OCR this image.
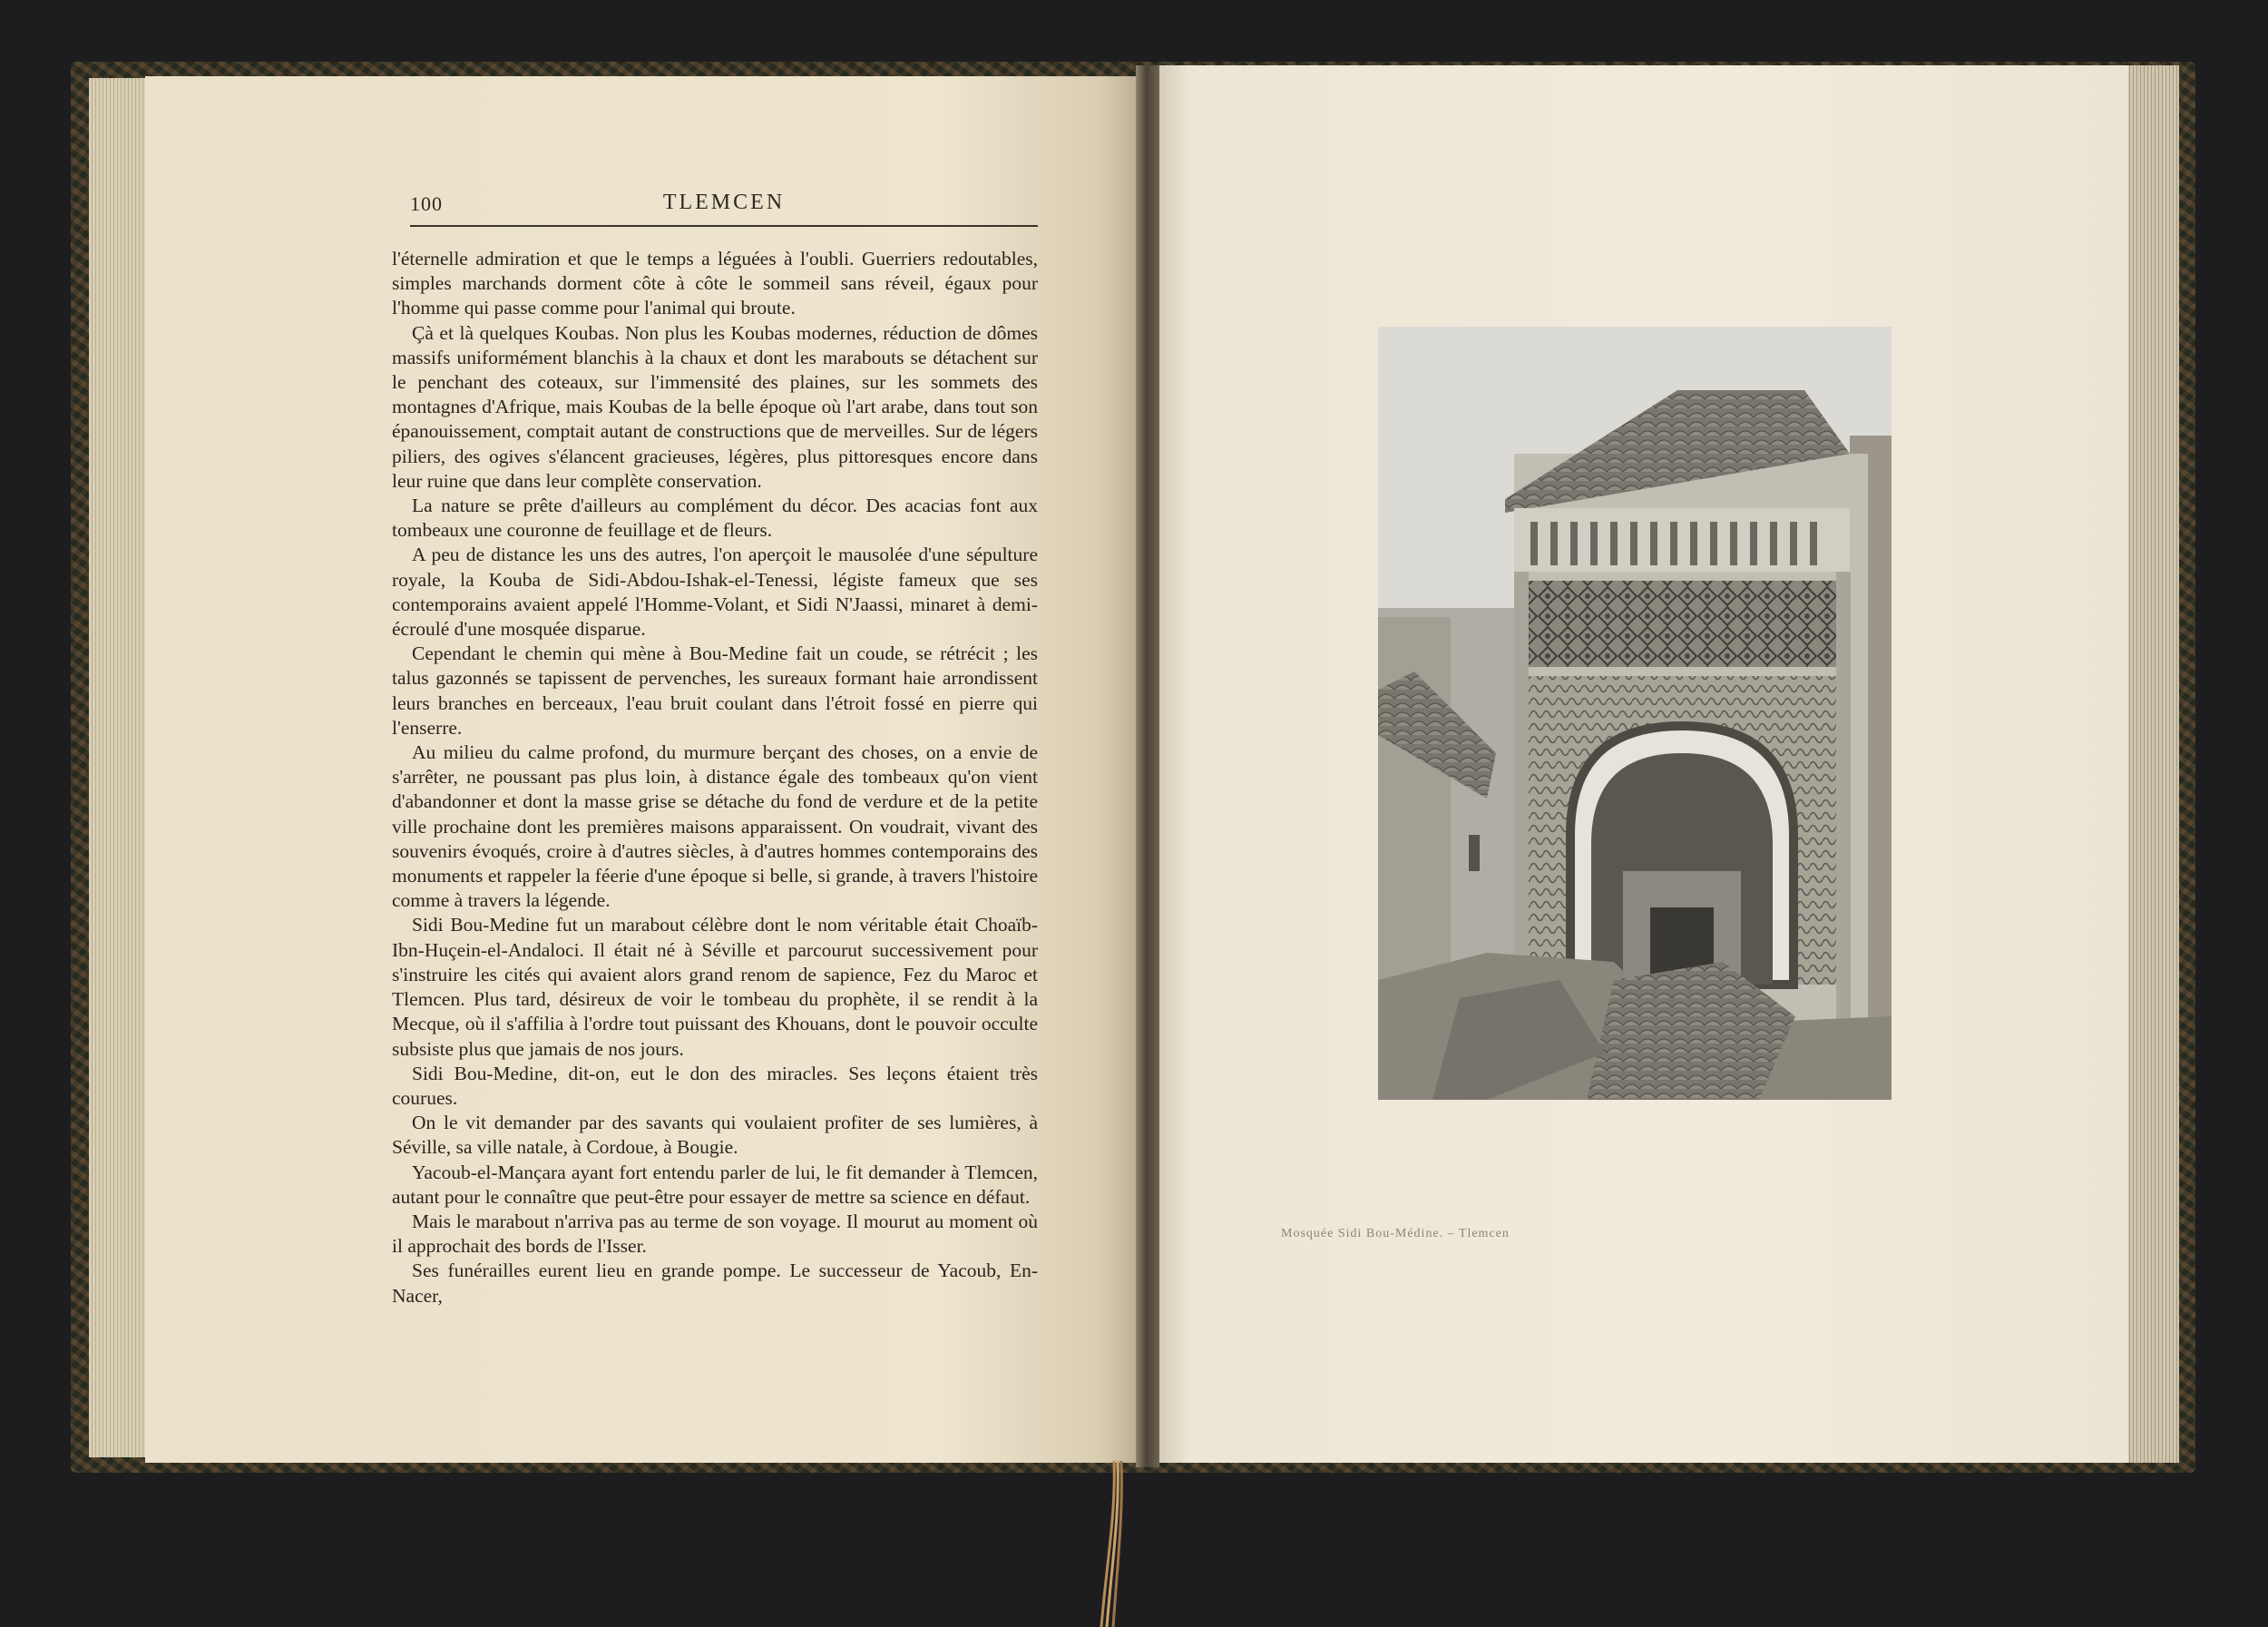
100	TLEMCEN

l'éternelle admiration et que le temps a léguées à l'oubli. Guerriers redoutables, simples marchands dorment côte à côte le sommeil sans réveil, égaux pour l'homme qui passe comme pour l'animal qui broute.

Çà et là quelques Koubas. Non plus les Koubas modernes, réduction de dômes massifs uniformément blanchis à la chaux et dont les marabouts se détachent sur le penchant des coteaux, sur l'immensité des plaines, sur les sommets des montagnes d'Afrique, mais Koubas de la belle époque où l'art arabe, dans tout son épanouissement, comptait autant de constructions que de merveilles. Sur de légers piliers, des ogives s'élancent gracieuses, légères, plus pittoresques encore dans leur ruine que dans leur complète conservation.

La nature se prête d'ailleurs au complément du décor. Des acacias font aux tombeaux une couronne de feuillage et de fleurs.

A peu de distance les uns des autres, l'on aperçoit le mausolée d'une sépulture royale, la Kouba de Sidi-Abdou-Ishak-el-Tenessi, légiste fameux que ses contemporains avaient appelé l'Homme-Volant, et Sidi N'Jaassi, minaret à demi-écroulé d'une mosquée disparue.

Cependant le chemin qui mène à Bou-Medine fait un coude, se rétrécit ; les talus gazonnés se tapissent de pervenches, les sureaux formant haie arrondissent leurs branches en berceaux, l'eau bruit coulant dans l'étroit fossé en pierre qui l'enserre.

Au milieu du calme profond, du murmure berçant des choses, on a envie de s'arrêter, ne poussant pas plus loin, à distance égale des tombeaux qu'on vient d'abandonner et dont la masse grise se détache du fond de verdure et de la petite ville prochaine dont les premières maisons apparaissent. On voudrait, vivant des souvenirs évoqués, croire à d'autres siècles, à d'autres hommes contemporains des monuments et rappeler la féerie d'une époque si belle, si grande, à travers l'histoire comme à travers la légende.

Sidi Bou-Medine fut un marabout célèbre dont le nom véritable était Choaïb-Ibn-Huçein-el-Andaloci. Il était né à Séville et parcourut successivement pour s'instruire les cités qui avaient alors grand renom de sapience, Fez du Maroc et Tlemcen. Plus tard, désireux de voir le tombeau du prophète, il se rendit à la Mecque, où il s'affilia à l'ordre tout puissant des Khouans, dont le pouvoir occulte subsiste plus que jamais de nos jours.

Sidi Bou-Medine, dit-on, eut le don des miracles. Ses leçons étaient très courues.

On le vit demander par des savants qui voulaient profiter de ses lumières, à Séville, sa ville natale, à Cordoue, à Bougie.

Yacoub-el-Mançara ayant fort entendu parler de lui, le fit demander à Tlemcen, autant pour le connaître que peut-être pour essayer de mettre sa science en défaut.

Mais le marabout n'arriva pas au terme de son voyage. Il mourut au moment où il approchait des bords de l'Isser.

Ses funérailles eurent lieu en grande pompe. Le successeur de Yacoub, En-Nacer,

Mosquée Sidi Bou-Médine. – Tlemcen
